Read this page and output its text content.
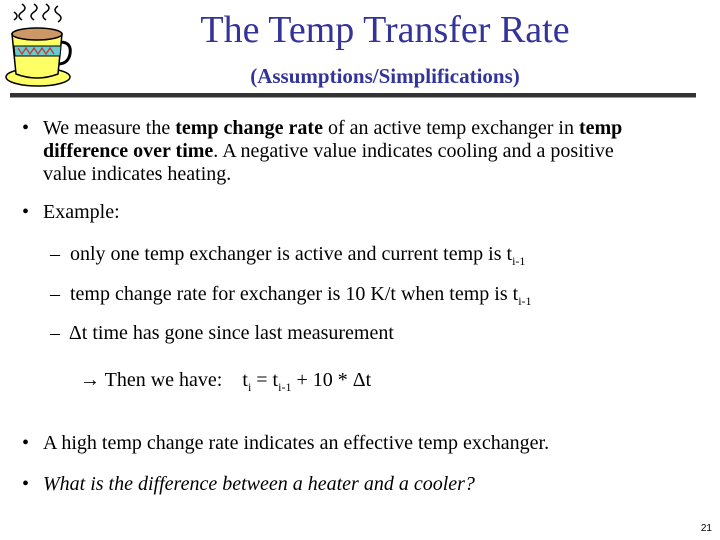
The Temp Transfer Rate
(Assumptions/Simplifications)
• We measure the temp change rate of an active temp exchanger in temp
difference over time. A negative value indicates cooling and a positive
value indicates heating.
• Example:
–  only one temp exchanger is active and current temp is $t_{i-1}$
–  temp change rate for exchanger is 10 K/t when temp is $t_{i-1}$
–  Δt time has gone since last measurement
→ Then we have: $t_i = t_{i-1} + 10 * \Delta t$
• A high temp change rate indicates an effective temp exchanger.
• What is the difference between a heater and a cooler?
21
